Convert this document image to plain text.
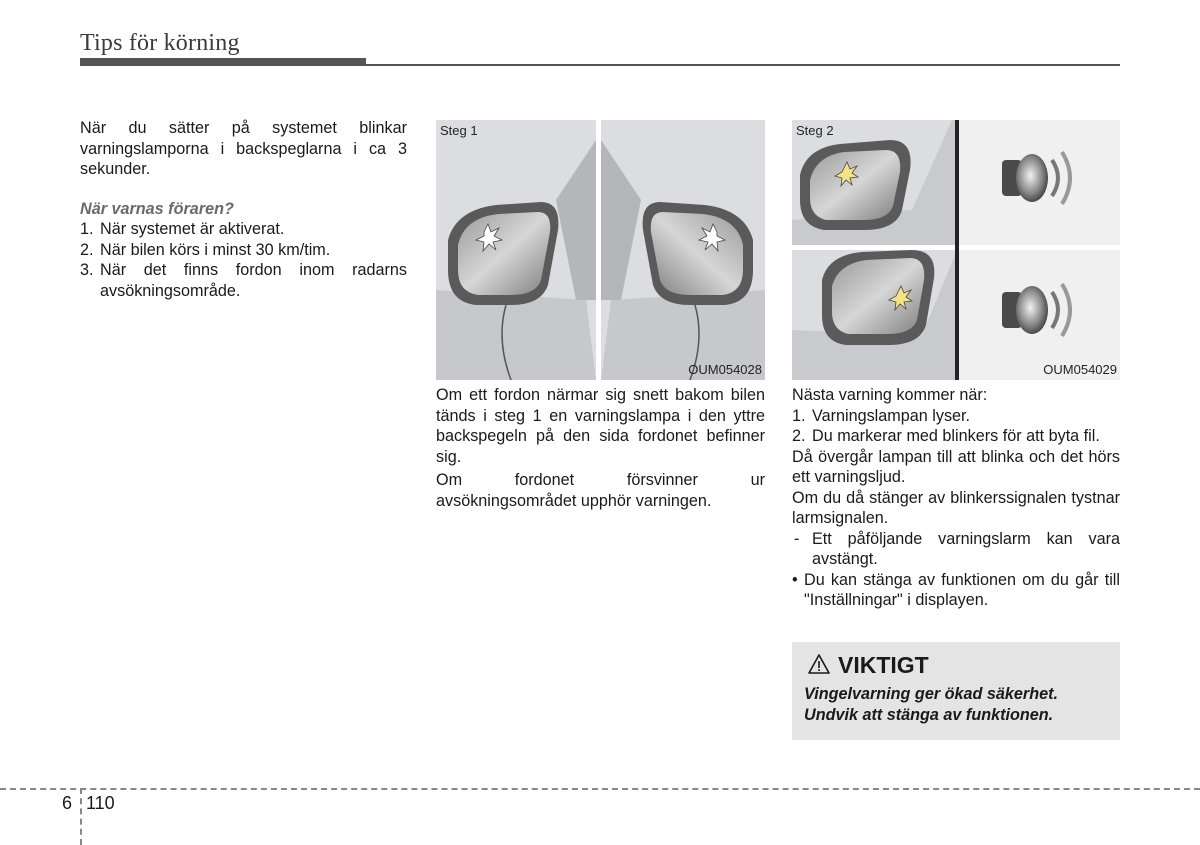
Tips för körning

När du sätter på systemet blinkar varningslamporna i backspeglarna i ca 3 sekunder.

När varnas föraren?

1. När systemet är aktiverat.
2. När bilen körs i minst 30 km/tim.
3. När det finns fordon inom radarns avsökningsområde.
Steg 1
OUM054028

Om ett fordon närmar sig snett bakom bilen tänds i steg 1 en varningslampa i den yttre backspegeln på den sida fordonet befinner sig.

Om fordonet försvinner ur

avsökningsområdet upphör varningen.

Steg 2
OUM054029

Nästa varning kommer när:

1. Varningslampan lyser.
2. Du markerar med blinkers för att byta fil.

Då övergår lampan till att blinka och det hörs ett varningsljud.

Om du då stänger av blinkerssignalen tystnar larmsignalen.

- Ett påföljande varningslarm kan vara avstängt.
• Du kan stänga av funktionen om du går till "Inställningar" i displayen.
VIKTIGT
Vingelvarning ger ökad säkerhet. Undvik att stänga av funktionen.
6 110
